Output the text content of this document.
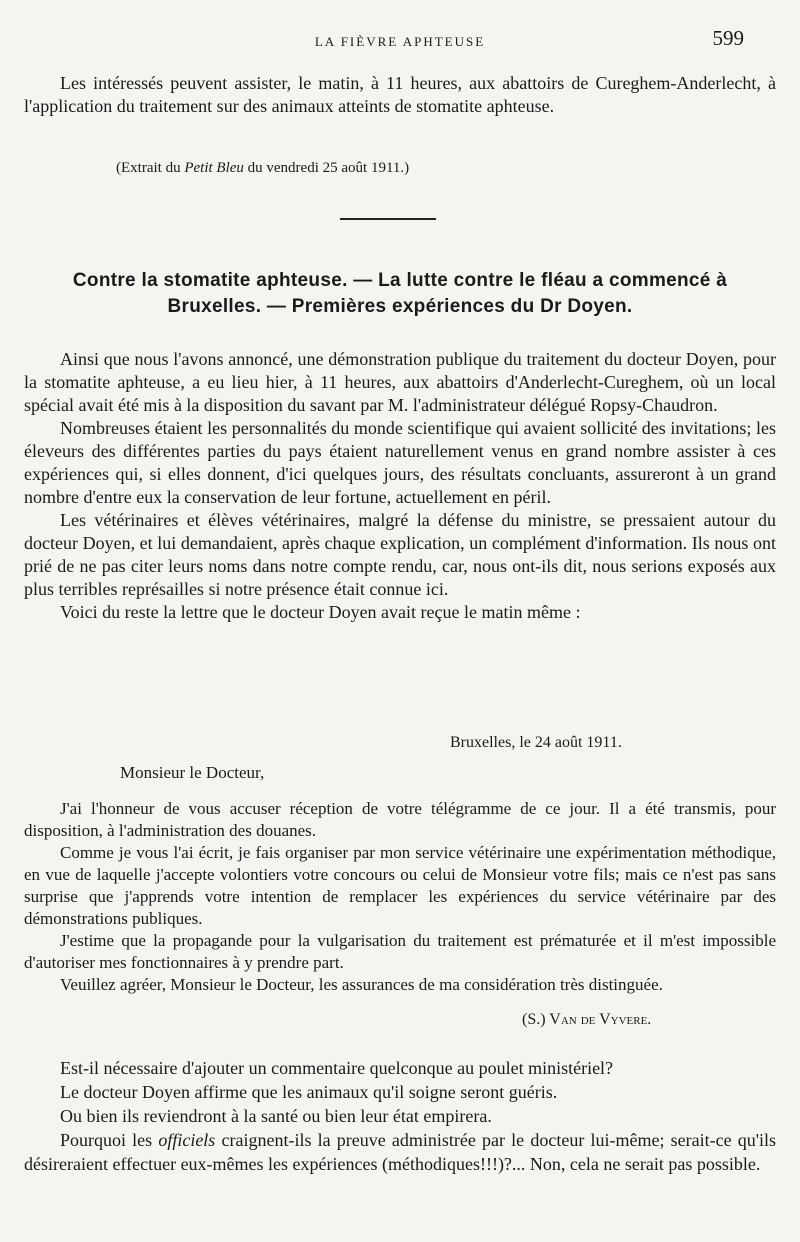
LA FIÈVRE APHTEUSE	599

Les intéressés peuvent assister, le matin, à 11 heures, aux abattoirs de Cureghem-Anderlecht, à l'application du traitement sur des animaux atteints de stomatite aphteuse.

(Extrait du Petit Bleu du vendredi 25 août 1911.)
Contre la stomatite aphteuse. — La lutte contre le fléau a commencé à Bruxelles. — Premières expériences du Dr Doyen.

Ainsi que nous l'avons annoncé, une démonstration publique du traitement du docteur Doyen, pour la stomatite aphteuse, a eu lieu hier, à 11 heures, aux abattoirs d'Anderlecht-Cureghem, où un local spécial avait été mis à la disposition du savant par M. l'administrateur délégué Ropsy-Chaudron.

Nombreuses étaient les personnalités du monde scientifique qui avaient sollicité des invitations; les éleveurs des différentes parties du pays étaient naturellement venus en grand nombre assister à ces expériences qui, si elles donnent, d'ici quelques jours, des résultats concluants, assureront à un grand nombre d'entre eux la conservation de leur fortune, actuellement en péril.

Les vétérinaires et élèves vétérinaires, malgré la défense du ministre, se pressaient autour du docteur Doyen, et lui demandaient, après chaque explication, un complément d'information. Ils nous ont prié de ne pas citer leurs noms dans notre compte rendu, car, nous ont-ils dit, nous serions exposés aux plus terribles représailles si notre présence était connue ici.

Voici du reste la lettre que le docteur Doyen avait reçue le matin même :

Bruxelles, le 24 août 1911.
Monsieur le Docteur,

J'ai l'honneur de vous accuser réception de votre télégramme de ce jour. Il a été transmis, pour disposition, à l'administration des douanes.

Comme je vous l'ai écrit, je fais organiser par mon service vétérinaire une expérimentation méthodique, en vue de laquelle j'accepte volontiers votre concours ou celui de Monsieur votre fils; mais ce n'est pas sans surprise que j'apprends votre intention de remplacer les expériences du service vétérinaire par des démonstrations publiques.

J'estime que la propagande pour la vulgarisation du traitement est prématurée et il m'est impossible d'autoriser mes fonctionnaires à y prendre part.

Veuillez agréer, Monsieur le Docteur, les assurances de ma considération très distinguée.

(S.) Van de Vyvere.

Est-il nécessaire d'ajouter un commentaire quelconque au poulet ministériel?

Le docteur Doyen affirme que les animaux qu'il soigne seront guéris.

Ou bien ils reviendront à la santé ou bien leur état empirera.

Pourquoi les officiels craignent-ils la preuve administrée par le docteur lui-même; serait-ce qu'ils désireraient effectuer eux-mêmes les expériences (méthodiques!!!)?... Non, cela ne serait pas possible.
